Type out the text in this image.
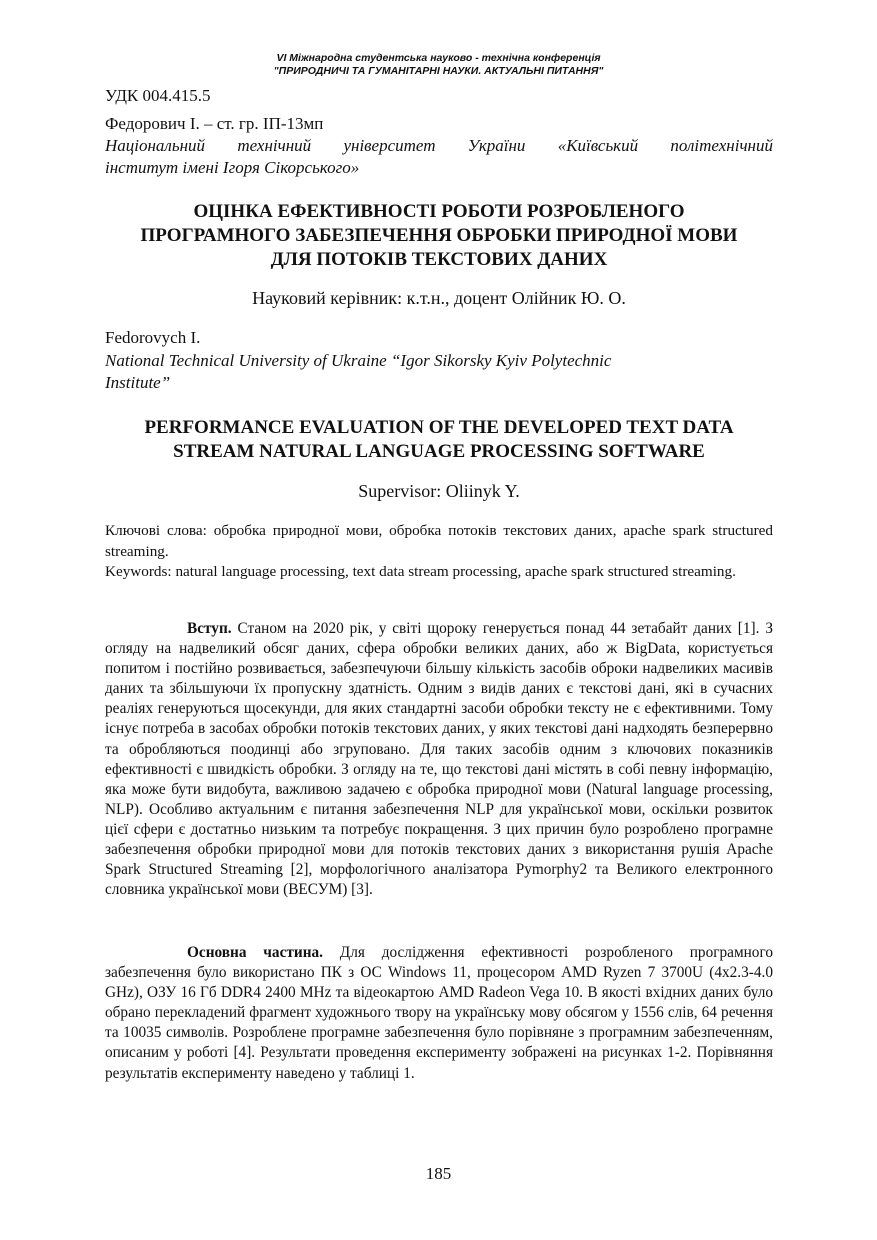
VI Міжнародна студентська науково - технічна конференція
"ПРИРОДНИЧІ ТА ГУМАНІТАРНІ НАУКИ. АКТУАЛЬНІ ПИТАННЯ"
УДК 004.415.5
Федорович І. – ст. гр. ІП-13мп
Національний технічний університет України «Київський політехнічний
інститут імені Ігоря Сікорського»
ОЦІНКА ЕФЕКТИВНОСТІ РОБОТИ РОЗРОБЛЕНОГО
ПРОГРАМНОГО ЗАБЕЗПЕЧЕННЯ ОБРОБКИ ПРИРОДНОЇ МОВИ
ДЛЯ ПОТОКІВ ТЕКСТОВИХ ДАНИХ
Науковий керівник: к.т.н., доцент Олійник Ю. О.
Fedorovych I.
National Technical University of Ukraine “Igor Sikorsky Kyiv Polytechnic
Institute”
PERFORMANCE EVALUATION OF THE DEVELOPED TEXT DATA
STREAM NATURAL LANGUAGE PROCESSING SOFTWARE
Supervisor: Oliinyk Y.
Ключові слова: обробка природної мови, обробка потоків текстових даних, apache spark structured streaming.
Keywords: natural language processing, text data stream processing, apache spark structured streaming.
Вступ. Станом на 2020 рік, у світі щороку генерується понад 44 зетабайт даних [1]. З огляду на надвеликий обсяг даних, сфера обробки великих даних, або ж BigData, користується попитом і постійно розвивається, забезпечуючи більшу кількість засобів оброки надвеликих масивів даних та збільшуючи їх пропускну здатність. Одним з видів даних є текстові дані, які в сучасних реаліях генеруються щосекунди, для яких стандартні засоби обробки тексту не є ефективними. Тому існує потреба в засобах обробки потоків текстових даних, у яких текстові дані надходять безперервно та обробляються поодинці або згруповано. Для таких засобів одним з ключових показників ефективності є швидкість обробки. З огляду на те, що текстові дані містять в собі певну інформацію, яка може бути видобута, важливою задачею є обробка природної мови (Natural language processing, NLP). Особливо актуальним є питання забезпечення NLP для української мови, оскільки розвиток цієї сфери є достатньо низьким та потребує покращення. З цих причин було розроблено програмне забезпечення обробки природної мови для потоків текстових даних з використання рушія Apache Spark Structured Streaming [2], морфологічного аналізатора Pymorphy2 та Великого електронного словника української мови (ВЕСУМ) [3].
Основна частина. Для дослідження ефективності розробленого програмного забезпечення було використано ПК з ОС Windows 11, процесором AMD Ryzen 7 3700U (4x2.3-4.0 GHz), ОЗУ 16 Гб DDR4 2400 MHz та відеокартою AMD Radeon Vega 10. В якості вхідних даних було обрано перекладений фрагмент художнього твору на українську мову обсягом у 1556 слів, 64 речення та 10035 символів. Розроблене програмне забезпечення було порівняне з програмним забезпеченням, описаним у роботі [4]. Результати проведення експерименту зображені на рисунках 1-2. Порівняння результатів експерименту наведено у таблиці 1.
185
